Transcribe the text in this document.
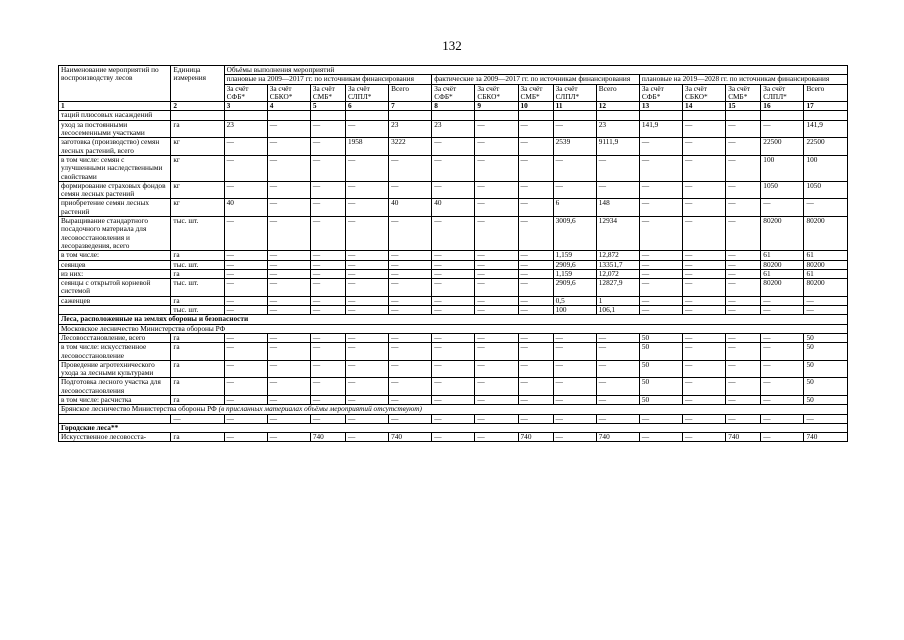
132
Наименование мероприятий по воспроизводству лесов	Единица измерения	Объёмы выполнения мероприятий														
		плановые на 2009—2017 гг. по источникам финансирования					фактические за 2009—2017 гг. по источникам финансирования					плановые на 2019—2028 гг. по источникам финансирования				
		За счёт СФБ*	За счёт СБКО*	За счёт СМБ*	За счёт СЛПЛ*	Всего	За счёт СФБ*	За счёт СБКО*	За счёт СМБ*	За счёт СЛПЛ*	Всего	За счёт СФБ*	За счёт СБКО*	За счёт СМБ*	За счёт СЛПЛ*	Всего
1	2	3	4	5	6	7	8	9	10	11	12	13	14	15	16	17
таций плюсовых насаждений																
уход за постоянными лесосеменными участками	га	23	—	—	—	23	23	—	—	—	23	141,9	—	—	—	141,9
заготовка (производство) семян лесных растений, всего	кг	—	—	—	1958	3222	—	—	—	2539	9111,9	—	—	—	22500	22500
в том числе: семян с улучшенными наследственными свойствами	кг	—	—	—	—	—	—	—	—	—	—	—	—	—	100	100
формирование страховых фондов семян лесных растений	кг	—	—	—	—	—	—	—	—	—	—	—	—	—	1050	1050
приобретение семян лесных растений	кг	40	—	—	—	40	40	—	—	6	148	—	—	—	—	—
Выращивание стандартного посадочного материала для лесовосстановления и лесоразведения, всего	тыс. шт.	—	—	—	—	—	—	—	—	3009,6	12934	—	—	—	80200	80200
в том числе:	га	—	—	—	—	—	—	—	—	1,159	12,872	—	—	—	61	61
сеянцев	тыс. шт.	—	—	—	—	—	—	—	—	2909,6	13351,7	—	—	—	80200	80200
из них:	га	—	—	—	—	—	—	—	—	1,159	12,072	—	—	—	61	61
сеянцы с открытой корневой системой	тыс. шт.	—	—	—	—	—	—	—	—	2909,6	12827,9	—	—	—	80200	80200
саженцев	га	—	—	—	—	—	—	—	—	0,5	1	—	—	—	—	—
	тыс. шт.	—	—	—	—	—	—	—	—	100	106,1	—	—	—	—	—
Леса, расположенные на землях обороны и безопасности																
Московское лесничество Министерства обороны РФ																
Лесовосстановление, всего	га	—	—	—	—	—	—	—	—	—	—	50	—	—	—	50
в том числе: искусственное лесовосстановление	га	—	—	—	—	—	—	—	—	—	—	50	—	—	—	50
Проведение агротехнического ухода за лесными культурами	га	—	—	—	—	—	—	—	—	—	—	50	—	—	—	50
Подготовка лесного участка для лесовосстановления	га	—	—	—	—	—	—	—	—	—	—	50	—	—	—	50
в том числе: расчистка	га	—	—	—	—	—	—	—	—	—	—	50	—	—	—	50
Брянское лесничество Министерства обороны РФ (в присланных материалах объёмы мероприятий отсутствуют)																
	—	—	—	—	—	—	—	—	—	—	—	—	—	—	—	—
Городские леса**																
Искусственное лесовосста-	га	—	—	740	—	740	—	—	740	—	740	—	—	740	—	740
